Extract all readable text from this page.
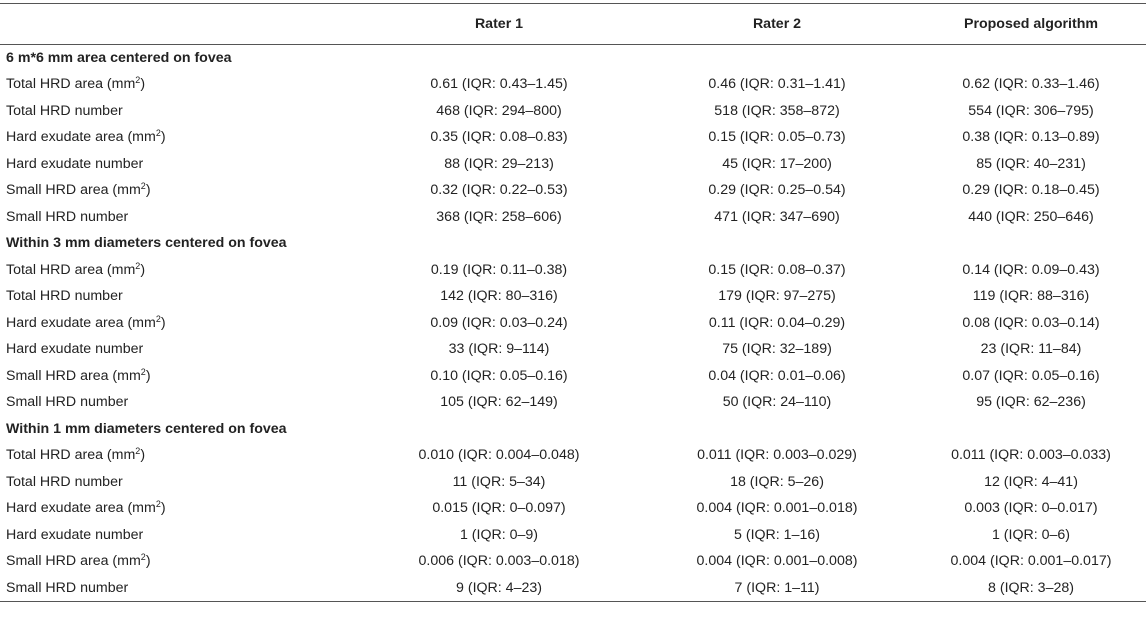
	Rater 1	Rater 2	Proposed algorithm
6 m*6 mm area centered on fovea			
Total HRD area $(mm^2)$	0.61 (IQR: 0.43–1.45)	0.46 (IQR: 0.31–1.41)	0.62 (IQR: 0.33–1.46)
Total HRD number	468 (IQR: 294–800)	518 (IQR: 358–872)	554 (IQR: 306–795)
Hard exudate area $(mm^2)$	0.35 (IQR: 0.08–0.83)	0.15 (IQR: 0.05–0.73)	0.38 (IQR: 0.13–0.89)
Hard exudate number	88 (IQR: 29–213)	45 (IQR: 17–200)	85 (IQR: 40–231)
Small HRD area $(mm^2)$	0.32 (IQR: 0.22–0.53)	0.29 (IQR: 0.25–0.54)	0.29 (IQR: 0.18–0.45)
Small HRD number	368 (IQR: 258–606)	471 (IQR: 347–690)	440 (IQR: 250–646)
Within 3 mm diameters centered on fovea			
Total HRD area $(mm^2)$	0.19 (IQR: 0.11–0.38)	0.15 (IQR: 0.08–0.37)	0.14 (IQR: 0.09–0.43)
Total HRD number	142 (IQR: 80–316)	179 (IQR: 97–275)	119 (IQR: 88–316)
Hard exudate area $(mm^2)$	0.09 (IQR: 0.03–0.24)	0.11 (IQR: 0.04–0.29)	0.08 (IQR: 0.03–0.14)
Hard exudate number	33 (IQR: 9–114)	75 (IQR: 32–189)	23 (IQR: 11–84)
Small HRD area $(mm^2)$	0.10 (IQR: 0.05–0.16)	0.04 (IQR: 0.01–0.06)	0.07 (IQR: 0.05–0.16)
Small HRD number	105 (IQR: 62–149)	50 (IQR: 24–110)	95 (IQR: 62–236)
Within 1 mm diameters centered on fovea			
Total HRD area $(mm^2)$	0.010 (IQR: 0.004–0.048)	0.011 (IQR: 0.003–0.029)	0.011 (IQR: 0.003–0.033)
Total HRD number	11 (IQR: 5–34)	18 (IQR: 5–26)	12 (IQR: 4–41)
Hard exudate area $(mm^2)$	0.015 (IQR: 0–0.097)	0.004 (IQR: 0.001–0.018)	0.003 (IQR: 0–0.017)
Hard exudate number	1 (IQR: 0–9)	5 (IQR: 1–16)	1 (IQR: 0–6)
Small HRD area $(mm^2)$	0.006 (IQR: 0.003–0.018)	0.004 (IQR: 0.001–0.008)	0.004 (IQR: 0.001–0.017)
Small HRD number	9 (IQR: 4–23)	7 (IQR: 1–11)	8 (IQR: 3–28)
